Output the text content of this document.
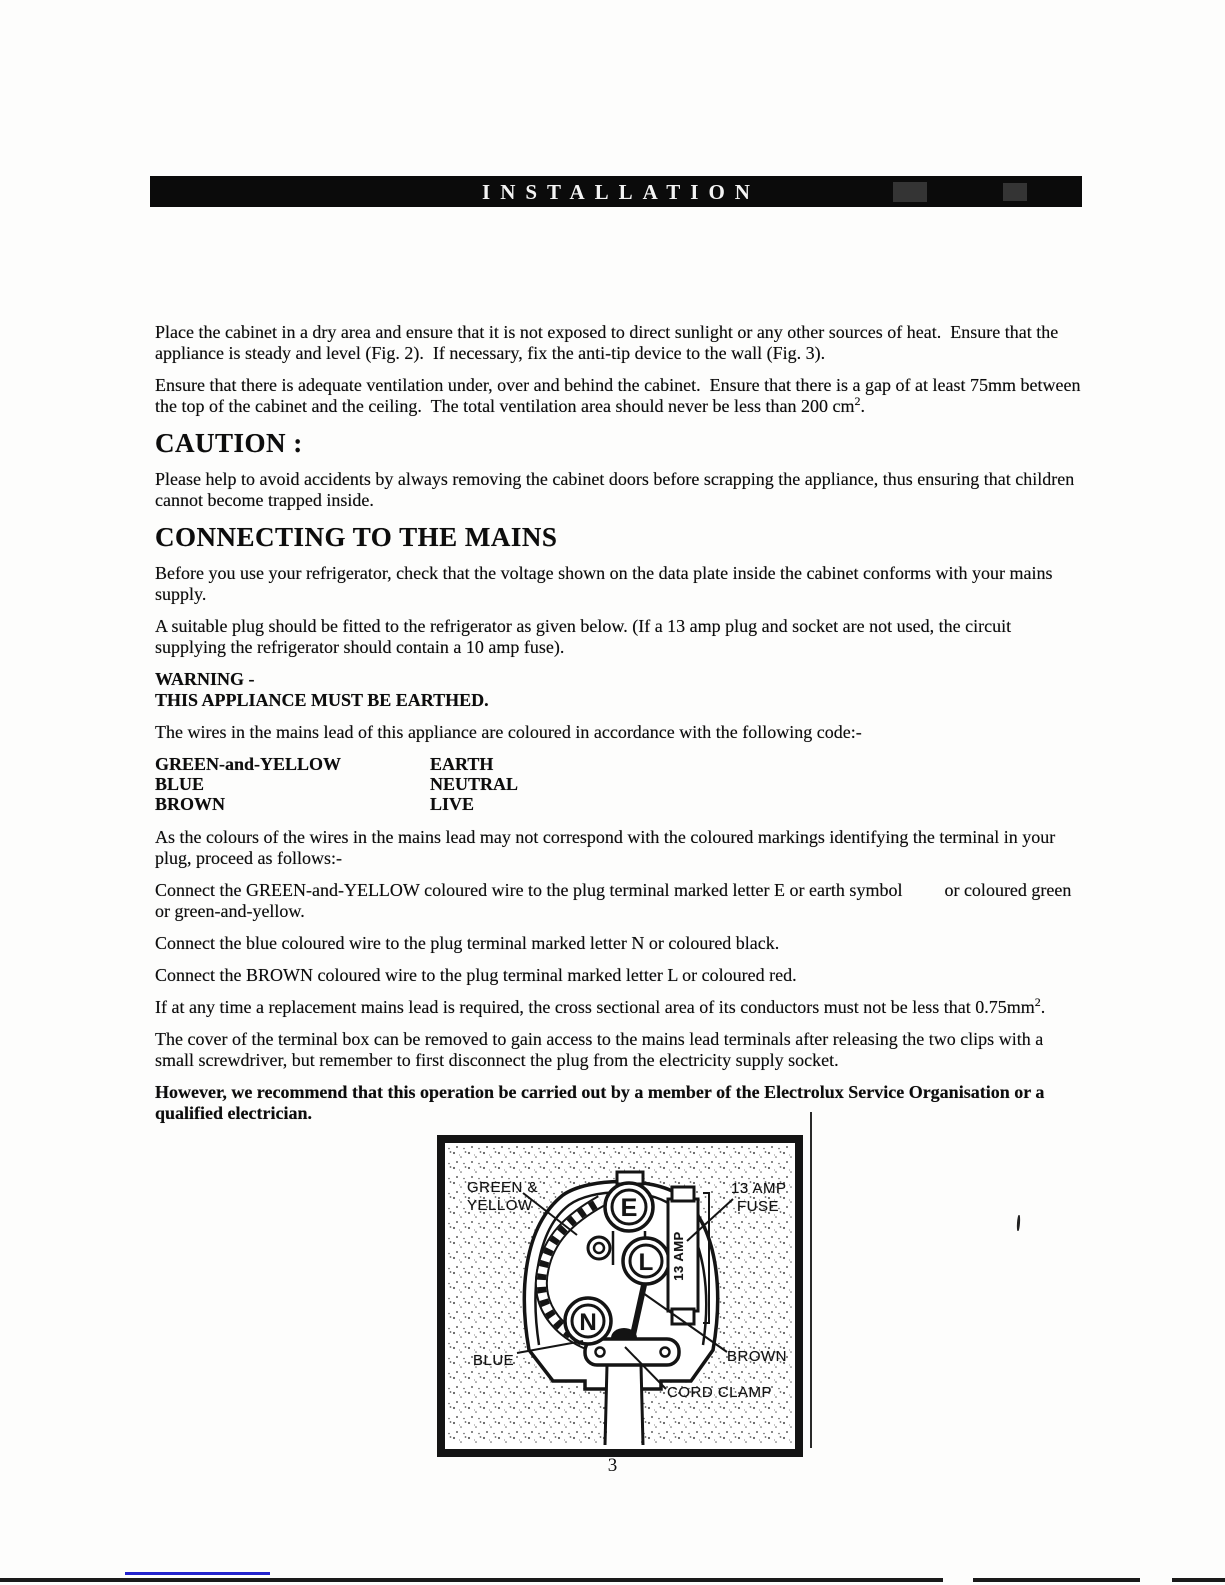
INSTALLATION

Place the cabinet in a dry area and ensure that it is not exposed to direct sunlight or any other sources of heat.  Ensure that the appliance is steady and level (Fig. 2).  If necessary, fix the anti-tip device to the wall (Fig. 3).

Ensure that there is adequate ventilation under, over and behind the cabinet.  Ensure that there is a gap of at least 75mm between the top of the cabinet and the ceiling.  The total ventilation area should never be less than 200 $cm^2$.

CAUTION :

Please help to avoid accidents by always removing the cabinet doors before scrapping the appliance, thus ensuring that children cannot become trapped inside.

CONNECTING TO THE MAINS

Before you use your refrigerator, check that the voltage shown on the data plate inside the cabinet conforms with your mains supply.

A suitable plug should be fitted to the refrigerator as given below. (If a 13 amp plug and socket are not used, the circuit supplying the refrigerator should contain a 10 amp fuse).

WARNING -
THIS APPLIANCE MUST BE EARTHED.

The wires in the mains lead of this appliance are coloured in accordance with the following code:-

GREEN-and-YELLOW	EARTH
BLUE	NEUTRAL
BROWN	LIVE

As the colours of the wires in the mains lead may not correspond with the coloured markings identifying the terminal in your plug, proceed as follows:-

Connect the GREEN-and-YELLOW coloured wire to the plug terminal marked letter E or earth symbol or coloured green or green-and-yellow.

Connect the blue coloured wire to the plug terminal marked letter N or coloured black.

Connect the BROWN coloured wire to the plug terminal marked letter L or coloured red.

If at any time a replacement mains lead is required, the cross sectional area of its conductors must not be less that $0.75mm^2$.

The cover of the terminal box can be removed to gain access to the mains lead terminals after releasing the two clips with a small screwdriver, but remember to first disconnect the plug from the electricity supply socket.

However, we recommend that this operation be carried out by a member of the Electrolux Service Organisation or a qualified electrician.

E
L
N
13 AMP
GREEN &
YELLOW
13 AMP
FUSE
BLUE	BROWN
CORD CLAMP
3
